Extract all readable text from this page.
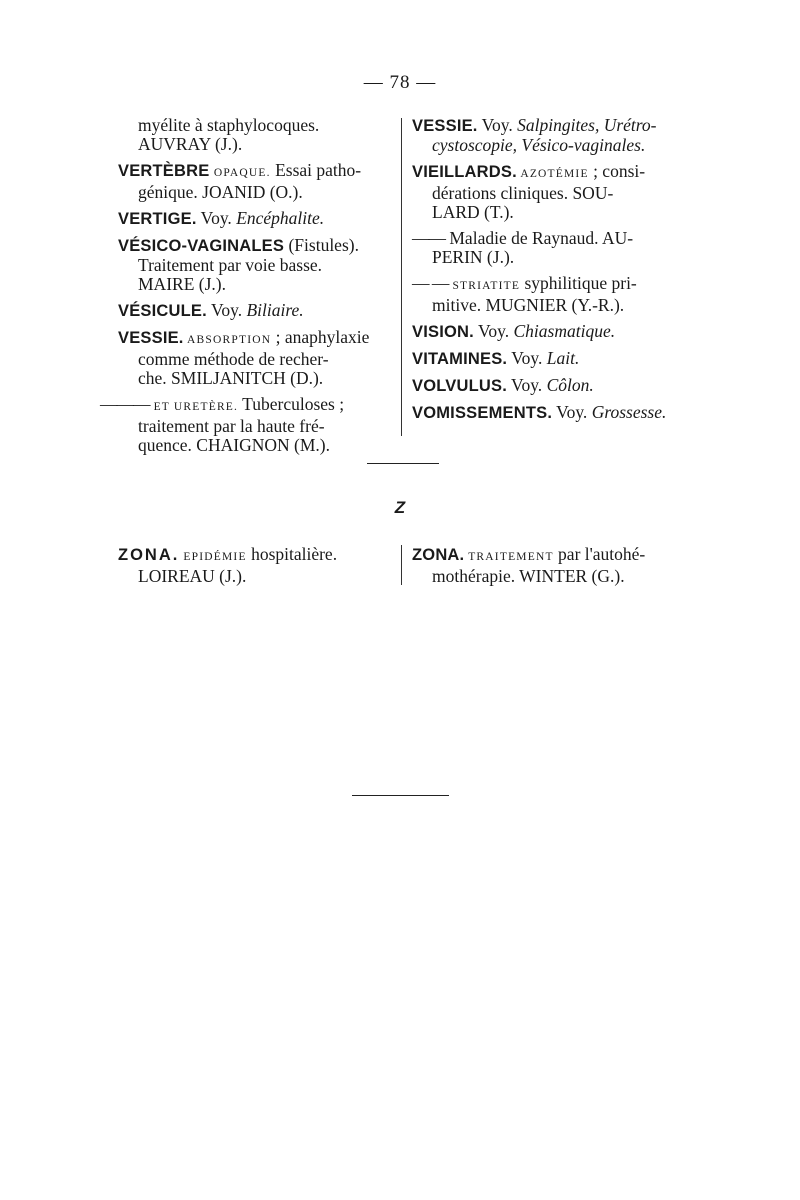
— 78 —
myélite à staphylocoques.
AUVRAY (J.).
VERTÈBRE OPAQUE. Essai patho-
génique. JOANID (O.).
VERTIGE. Voy. Encéphalite.
VÉSICO-VAGINALES (Fistules).
Traitement par voie basse.
MAIRE (J.).
VÉSICULE. Voy. Biliaire.
VESSIE. ABSORPTION ; anaphylaxie
comme méthode de recher-
che. SMILJANITCH (D.).
——— ET URETÈRE. Tuberculoses ;
traitement par la haute fré-
quence. CHAIGNON (M.).
VESSIE. Voy. Salpingites, Urétro-
cystoscopie, Vésico-vaginales.
VIEILLARDS. AZOTÉMIE ; consi-
dérations cliniques. SOU-
LARD (T.).
—— Maladie de Raynaud. AU-
PERIN (J.).
— — STRIATITE syphilitique pri-
mitive. MUGNIER (Y.-R.).
VISION. Voy. Chiasmatique.
VITAMINES. Voy. Lait.
VOLVULUS. Voy. Côlon.
VOMISSEMENTS. Voy. Grossesse.
Z
ZONA. EPIDÉMIE hospitalière.
LOIREAU (J.).
ZONA. TRAITEMENT par l'autohé-
mothérapie. WINTER (G.).
